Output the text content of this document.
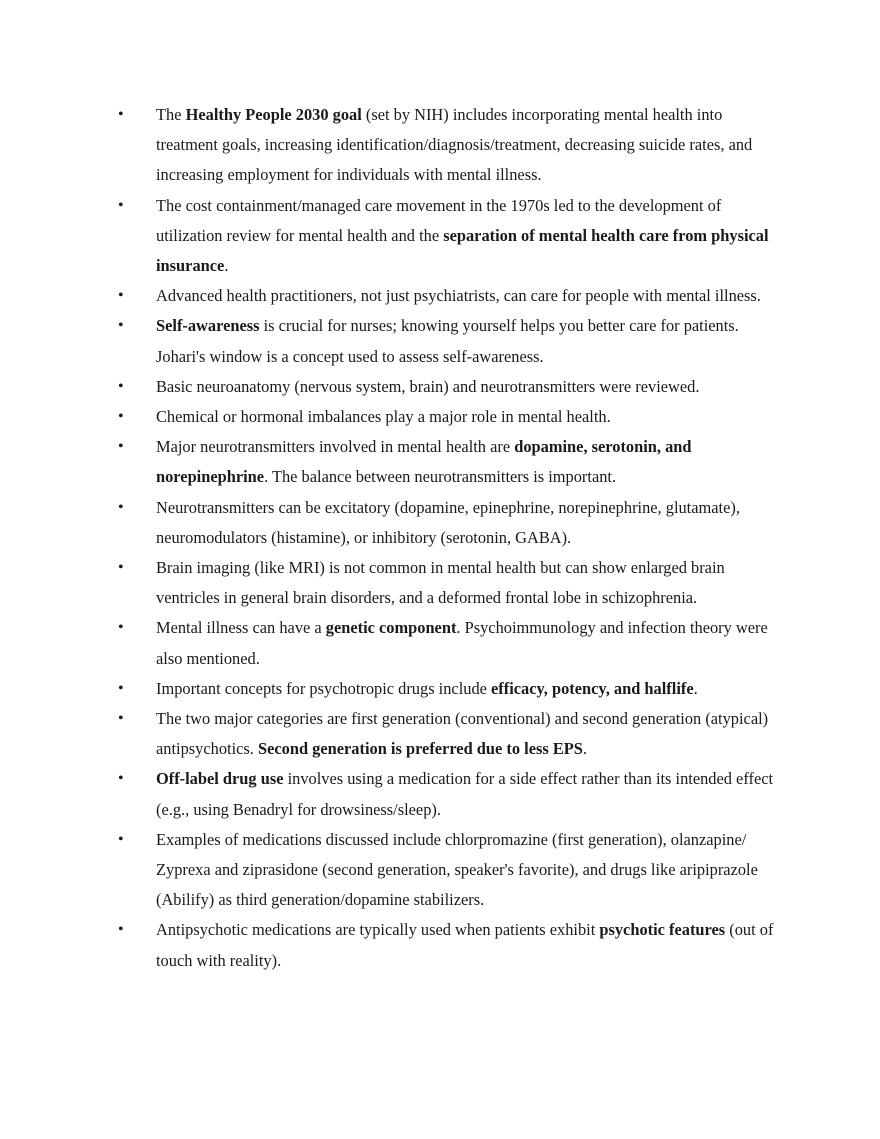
•	The Healthy People 2030 goal (set by NIH) includes incorporating mental health into treatment goals, increasing identification/diagnosis/treatment, decreasing suicide rates, and increasing employment for individuals with mental illness.
•	The cost containment/managed care movement in the 1970s led to the development of utilization review for mental health and the separation of mental health care from physical insurance.
•	Advanced health practitioners, not just psychiatrists, can care for people with mental illness.
•	Self-awareness is crucial for nurses; knowing yourself helps you better care for patients. Johari's window is a concept used to assess self-awareness.
•	Basic neuroanatomy (nervous system, brain) and neurotransmitters were reviewed.
•	Chemical or hormonal imbalances play a major role in mental health.
•	Major neurotransmitters involved in mental health are dopamine, serotonin, and norepinephrine. The balance between neurotransmitters is important.
•	Neurotransmitters can be excitatory (dopamine, epinephrine, norepinephrine, glutamate), neuromodulators (histamine), or inhibitory (serotonin, GABA).
•	Brain imaging (like MRI) is not common in mental health but can show enlarged brain ventricles in general brain disorders, and a deformed frontal lobe in schizophrenia.
•	Mental illness can have a genetic component. Psychoimmunology and infection theory were also mentioned.
•	Important concepts for psychotropic drugs include efficacy, potency, and halflife.
•	The two major categories are first generation (conventional) and second generation (atypical) antipsychotics. Second generation is preferred due to less EPS.
•	Off-label drug use involves using a medication for a side effect rather than its intended effect (e.g., using Benadryl for drowsiness/sleep).
•	Examples of medications discussed include chlorpromazine (first generation), olanzapine/ Zyprexa and ziprasidone (second generation, speaker's favorite), and drugs like aripiprazole (Abilify) as third generation/dopamine stabilizers.
•	Antipsychotic medications are typically used when patients exhibit psychotic features (out of touch with reality).
